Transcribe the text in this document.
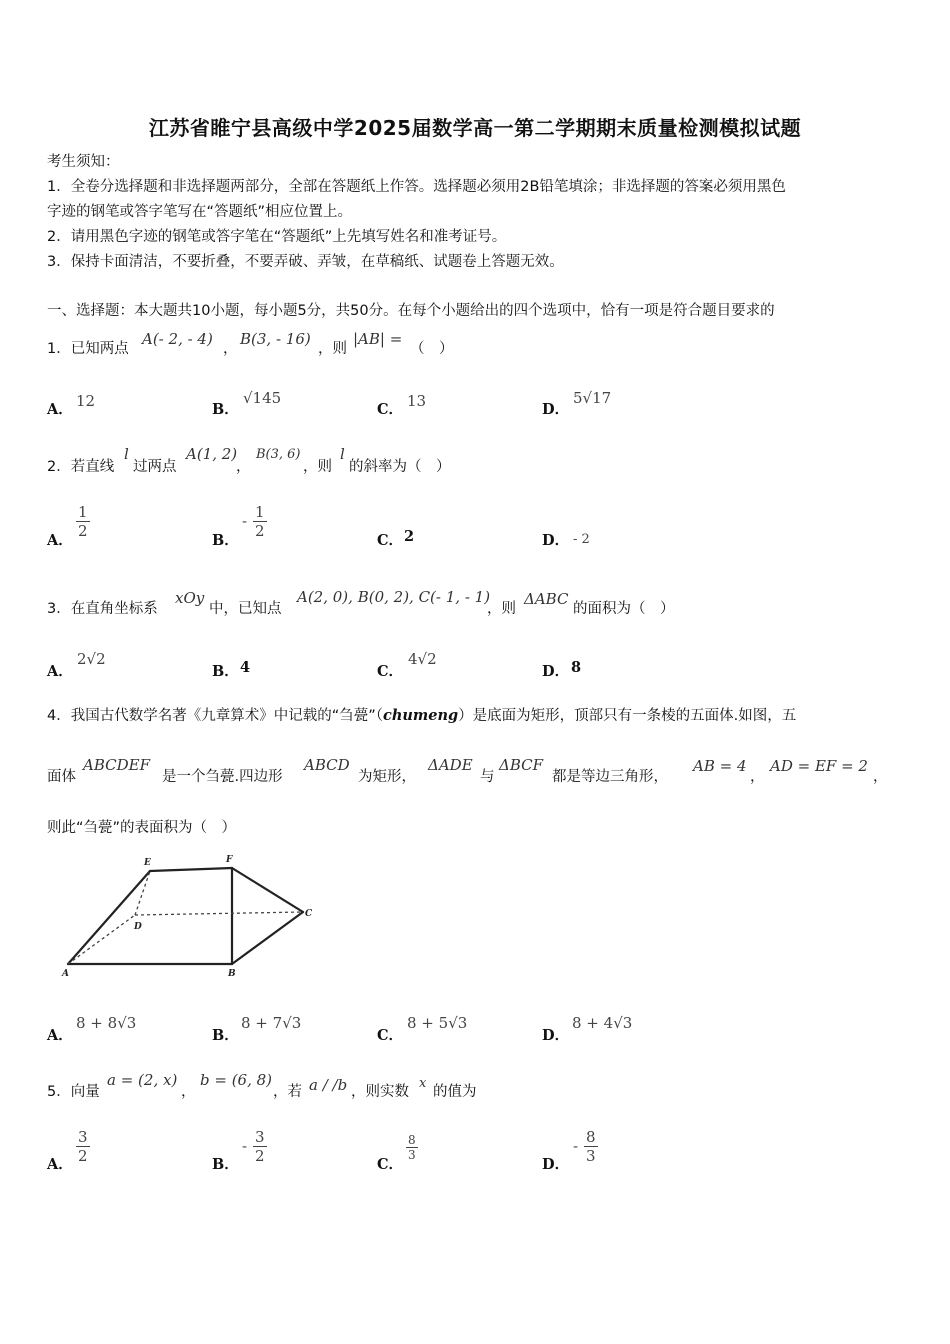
江苏省睢宁县高级中学2025届数学高一第二学期期末质量检测模拟试题
考生须知：
1．全卷分选择题和非选择题两部分，全部在答题纸上作答。选择题必须用2B铅笔填涂；非选择题的答案必须用黑色
字迹的钢笔或答字笔写在“答题纸”相应位置上。
2．请用黑色字迹的钢笔或答字笔在“答题纸”上先填写姓名和准考证号。
3．保持卡面清洁，不要折叠，不要弄破、弄皱，在草稿纸、试题卷上答题无效。
一、选择题：本大题共10小题，每小题5分，共50分。在每个小题给出的四个选项中，恰有一项是符合题目要求的
1．已知两点
A(- 2, - 4)
，
B(3, - 16)
，则
|AB| =
（　）
A． 12	B．
√145
C． 13	D．
5√17
2．若直线
l
过两点
A(1, 2)
，
B(3, 6)
，则
l
的斜率为（　）
A．
$\frac{1}{2}$
B．
- $\frac{1}{2}$
C． 2	D． - 2
3．在直角坐标系
xOy
中，已知点
A(2, 0), B(0, 2), C(- 1, - 1)
，则
ΔABC
的面积为（　）
A．
2√2
B． 4	C．
4√2
D． 8
4．我国古代数学名著《九章算术》中记载的“刍甍”（chumeng）是底面为矩形，顶部只有一条棱的五面体.如图，五
面体
ABCDEF
是一个刍甍.四边形
ABCD
为矩形，
ΔADE
与
ΔBCF
都是等边三角形，
AB = 4
，
AD = EF = 2
，
则此“刍甍”的表面积为（　）
E	F
D
C
A	B
A．
8 + 8√3
B．
8 + 7√3
C．
8 + 5√3
D．
8 + 4√3
5．向量
a = (2, x)
，
b = (6, 8)
，若 a / /b ，则实数
x
的值为
A． $\frac{3}{2}$	B．
- $\frac{3}{2}$	C．
$\frac{8}{3}$
D．
- $\frac{8}{3}$
